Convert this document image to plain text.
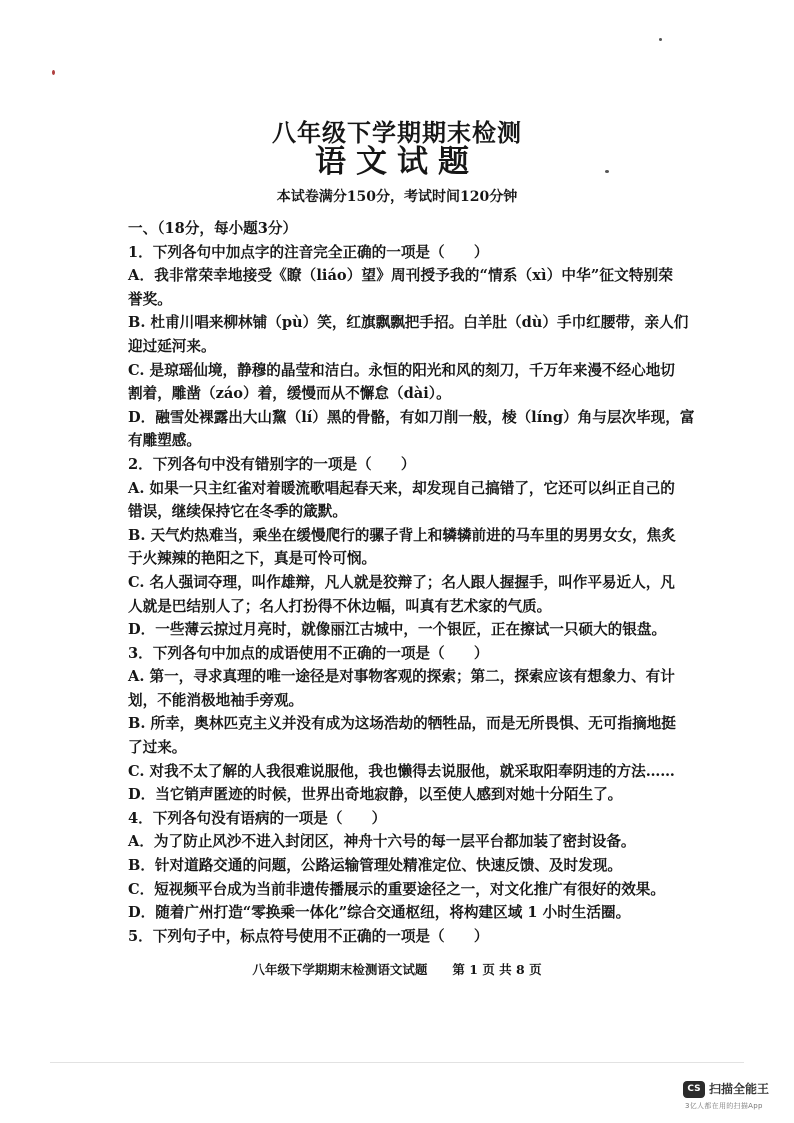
八年级下学期期末检测
语文试题
本试卷满分150分，考试时间120分钟
一、（18分，每小题3分）
1．下列各句中加点字的注音完全正确的一项是（　　）
A．我非常荣幸地接受《瞭（liáo）望》周刊授予我的“情系（xì）中华”征文特别荣
誉奖。
B. 杜甫川唱来柳林铺（pù）笑，红旗飘飘把手招。白羊肚（dù）手巾红腰带，亲人们
迎过延河来。
C. 是琼瑶仙境，静穆的晶莹和洁白。永恒的阳光和风的刻刀，千万年来漫不经心地切
割着，雕凿（záo）着，缓慢而从不懈怠（dài）。
D．融雪处裸露出大山黧（lí）黑的骨骼，有如刀削一般，棱（líng）角与层次毕现，富
有雕塑感。
2．下列各句中没有错别字的一项是（　　）
A. 如果一只主红雀对着暖流歌唱起春天来，却发现自己搞错了，它还可以纠正自己的
错误，继续保持它在冬季的箴默。
B. 天气灼热难当，乘坐在缓慢爬行的骡子背上和辚辚前进的马车里的男男女女，焦炙
于火辣辣的艳阳之下，真是可怜可悯。
C. 名人强词夺理，叫作雄辩，凡人就是狡辩了；名人跟人握握手，叫作平易近人，凡
人就是巴结别人了；名人打扮得不休边幅，叫真有艺术家的气质。
D．一些薄云掠过月亮时，就像丽江古城中，一个银匠，正在擦试一只硕大的银盘。
3．下列各句中加点的成语使用不正确的一项是（　　）
A. 第一，寻求真理的唯一途径是对事物客观的探索；第二，探索应该有想象力、有计
划，不能消极地袖手旁观。
B. 所幸，奥林匹克主义并没有成为这场浩劫的牺牲品，而是无所畏惧、无可指摘地挺
了过来。
C. 对我不太了解的人我很难说服他，我也懒得去说服他，就采取阳奉阴违的方法……
D．当它销声匿迹的时候，世界出奇地寂静，以至使人感到对她十分陌生了。
4．下列各句没有语病的一项是（　　）
A．为了防止风沙不进入封闭区，神舟十六号的每一层平台都加装了密封设备。
B．针对道路交通的问题，公路运输管理处精准定位、快速反馈、及时发现。
C．短视频平台成为当前非遗传播展示的重要途径之一，对文化推广有很好的效果。
D．随着广州打造“零换乘一体化”综合交通枢纽，将构建区域 1 小时生活圈。
5．下列句子中，标点符号使用不正确的一项是（　　）
八年级下学期期末检测语文试题　　第 1 页 共 8 页
CS 扫描全能王
3亿人都在用的扫描App
